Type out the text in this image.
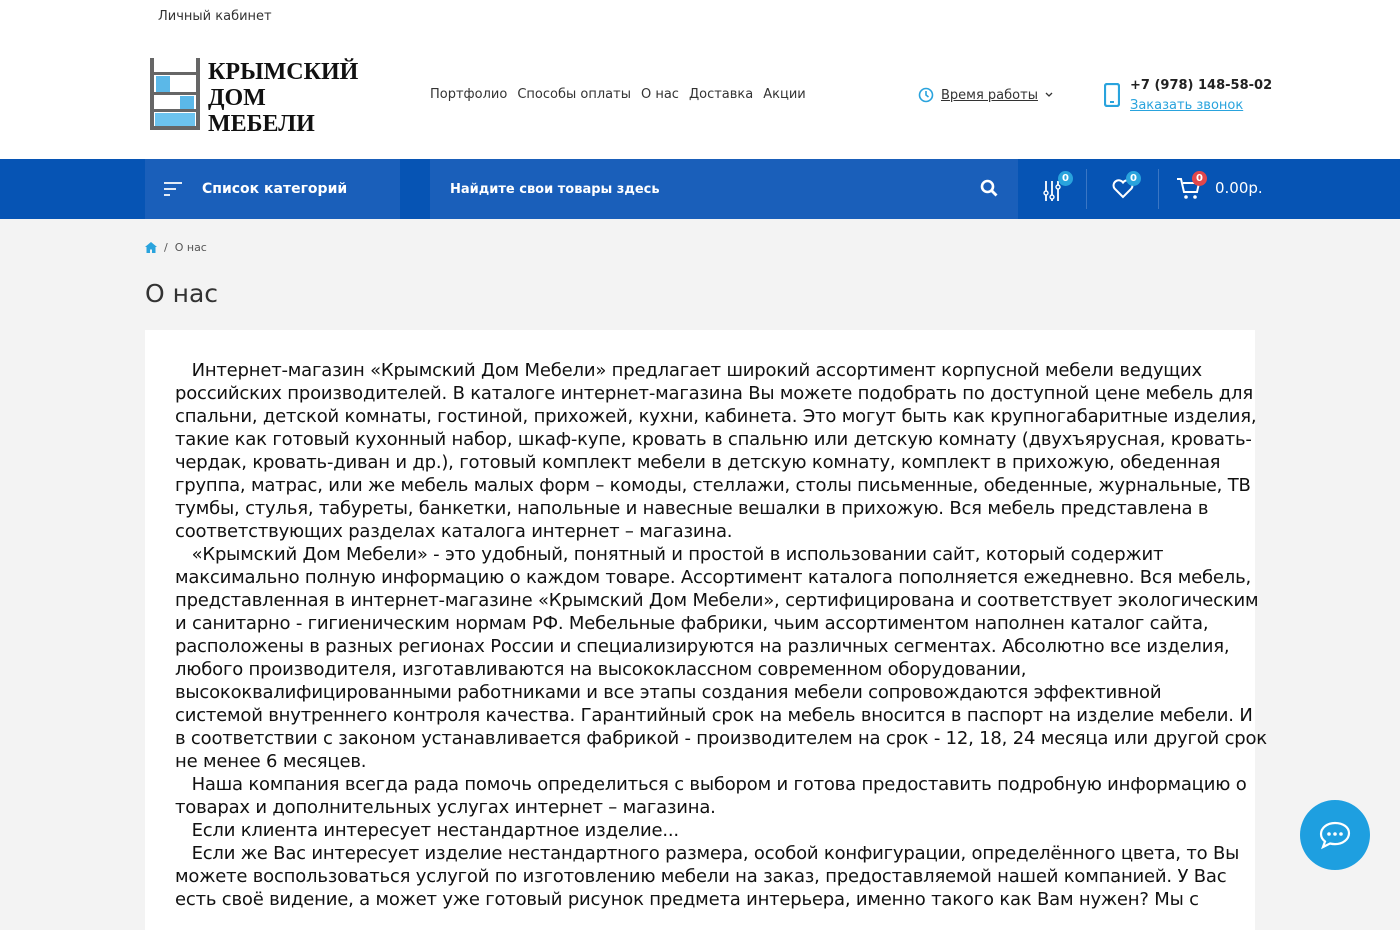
Личный кабинет
КРЫМСКИЙ
ДОМ
МЕБЕЛИ
Портфолио Способы оплаты О нас Доставка Акции	Время работы
+7 (978) 148-58-02
Заказать звонок
Список категорий	Найдите свои товары здесь
0	0	0
0.00р.
/ О нас
О нас
Интернет-магазин «Крымский Дом Мебели» предлагает широкий ассортимент корпусной мебели ведущих
российских производителей. В каталоге интернет-магазина Вы можете подобрать по доступной цене мебель для
спальни, детской комнаты, гостиной, прихожей, кухни, кабинета. Это могут быть как крупногабаритные изделия,
такие как готовый кухонный набор, шкаф-купе, кровать в спальню или детскую комнату (двухъярусная, кровать-
чердак, кровать-диван и др.), готовый комплект мебели в детскую комнату, комплект в прихожую, обеденная
группа, матрас, или же мебель малых форм – комоды, стеллажи, столы письменные, обеденные, журнальные, ТВ
тумбы, стулья, табуреты, банкетки, напольные и навесные вешалки в прихожую. Вся мебель представлена в
соответствующих разделах каталога интернет – магазина.
«Крымский Дом Мебели» - это удобный, понятный и простой в использовании сайт, который содержит
максимально полную информацию о каждом товаре. Ассортимент каталога пополняется ежедневно. Вся мебель,
представленная в интернет-магазине «Крымский Дом Мебели», сертифицирована и соответствует экологическим
и санитарно - гигиеническим нормам РФ. Мебельные фабрики, чьим ассортиментом наполнен каталог сайта,
расположены в разных регионах России и специализируются на различных сегментах. Абсолютно все изделия,
любого производителя, изготавливаются на высококлассном современном оборудовании,
высококвалифицированными работниками и все этапы создания мебели сопровождаются эффективной
системой внутреннего контроля качества. Гарантийный срок на мебель вносится в паспорт на изделие мебели. И
в соответствии с законом устанавливается фабрикой - производителем на срок - 12, 18, 24 месяца или другой срок
не менее 6 месяцев.
Наша компания всегда рада помочь определиться с выбором и готова предоставить подробную информацию о
товарах и дополнительных услугах интернет – магазина.
Если клиента интересует нестандартное изделие...
Если же Вас интересует изделие нестандартного размера, особой конфигурации, определённого цвета, то Вы
можете воспользоваться услугой по изготовлению мебели на заказ, предоставляемой нашей компанией. У Вас
есть своё видение, а может уже готовый рисунок предмета интерьера, именно такого как Вам нужен? Мы с
